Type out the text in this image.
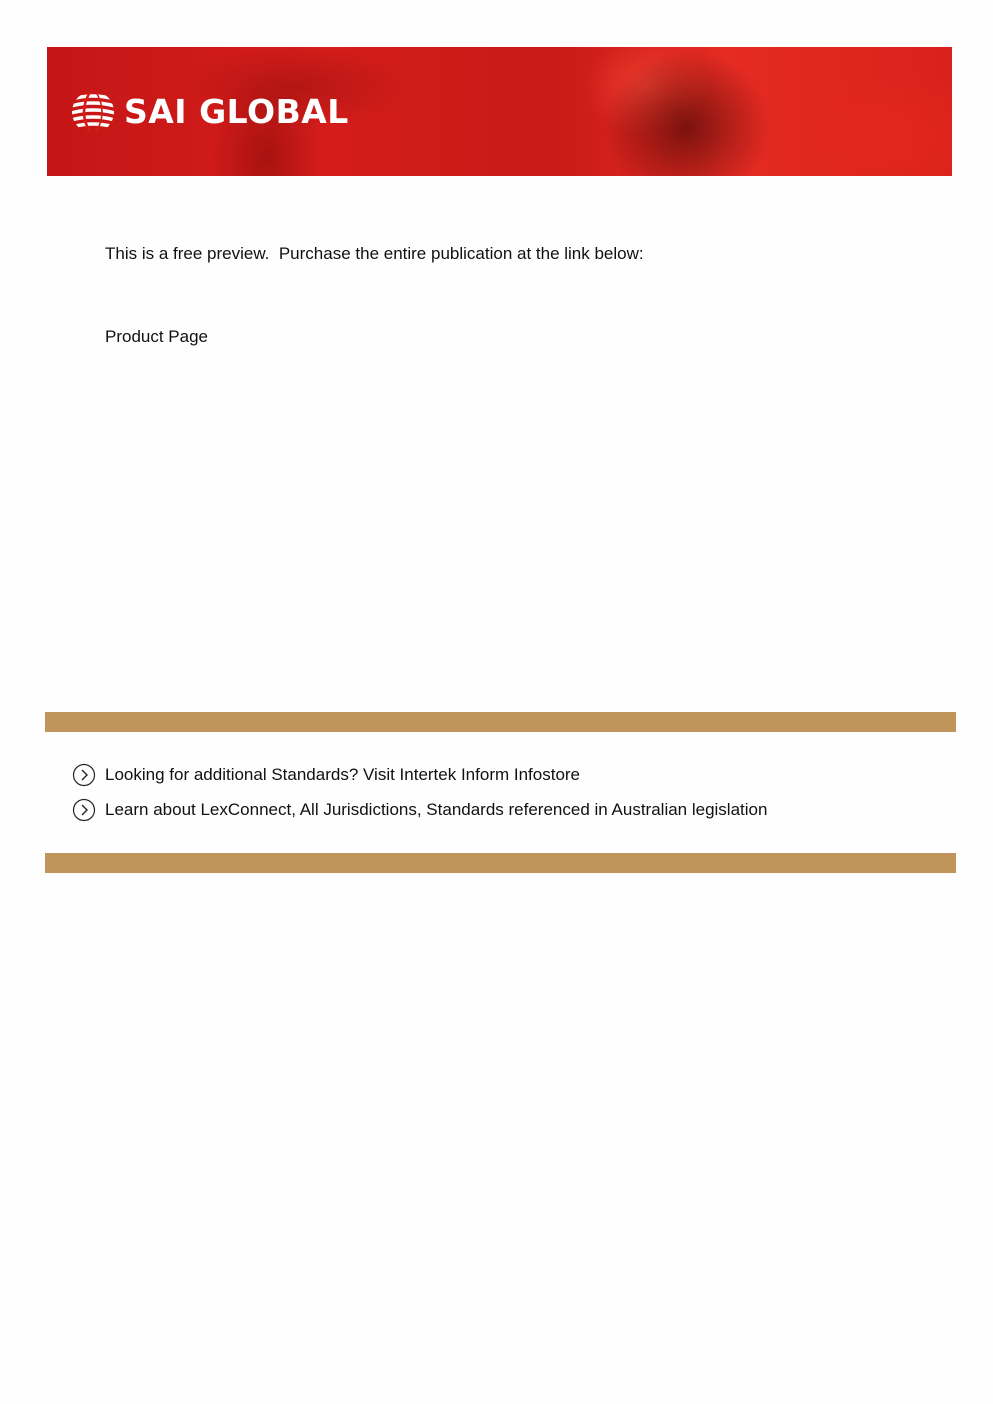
SAI GLOBAL
This is a free preview.  Purchase the entire publication at the link below:
Product Page
Looking for additional Standards? Visit Intertek Inform Infostore
Learn about LexConnect, All Jurisdictions, Standards referenced in Australian legislation
